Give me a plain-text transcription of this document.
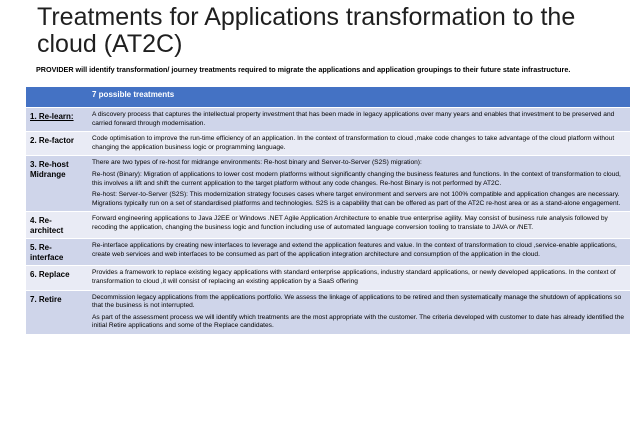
Treatments for Applications transformation to the cloud (AT2C)
PROVIDER will identify transformation/ journey treatments required to migrate the applications and application groupings to their future state infrastructure.
	7 possible treatments
1. Re-learn:	A discovery process that captures the intellectual property investment that has been made in legacy applications over many years and enables that investment to be preserved and carried forward through modernisation.

2. Re-factor	Code optimisation to improve the run-time efficiency of an application. In the context of transformation to cloud ,make code changes to take advantage of the cloud platform without changing the application business logic or programming language.

3. Re-host Midrange	There are two types of re-host for midrange environments: Re-host binary and Server-to-Server (S2S) migration):

Re-host (Binary): Migration of applications to lower cost modern platforms without significantly changing the business features and functions. In the context of transformation to cloud, this involves a lift and shift the current application to the target platform without any code changes. Re-host Binary is not performed by AT2C.

Re-host: Server-to-Server (S2S): This modernization strategy focuses cases where target environment and servers are not 100% compatible and application changes are necessary. Migrations typically run on a set of standardised platforms and technologies. S2S is a capability that can be offered as part of the AT2C re-host area or as a stand-alone engagement.

4. Re-architect	Forward engineering applications to Java J2EE or Windows .NET Agile Application Architecture to enable true enterprise agility. May consist of business rule analysis followed by recoding the application, changing the business logic and function including use of automated language conversion tooling to translate to JAVA or /NET.

5. Re-interface	Re-interface applications by creating new interfaces to leverage and extend the application features and value. In the context of transformation to cloud ,service-enable applications, create web services and web interfaces to be consumed as part of the application integration architecture and consumption of the application in the cloud.

6. Replace	Provides a framework to replace existing legacy applications with standard enterprise applications, industry standard applications, or newly developed applications. In the context of transformation to cloud ,it will consist of replacing an existing application by a SaaS offering

7. Retire	Decommission legacy applications from the applications portfolio. We assess the linkage of applications to be retired and then systematically manage the shutdown of applications so that the business is not interrupted.

As part of the assessment process we will identify which treatments are the most appropriate with the customer. The criteria developed with customer to date has already identified the initial Retire applications and some of the Replace candidates.
